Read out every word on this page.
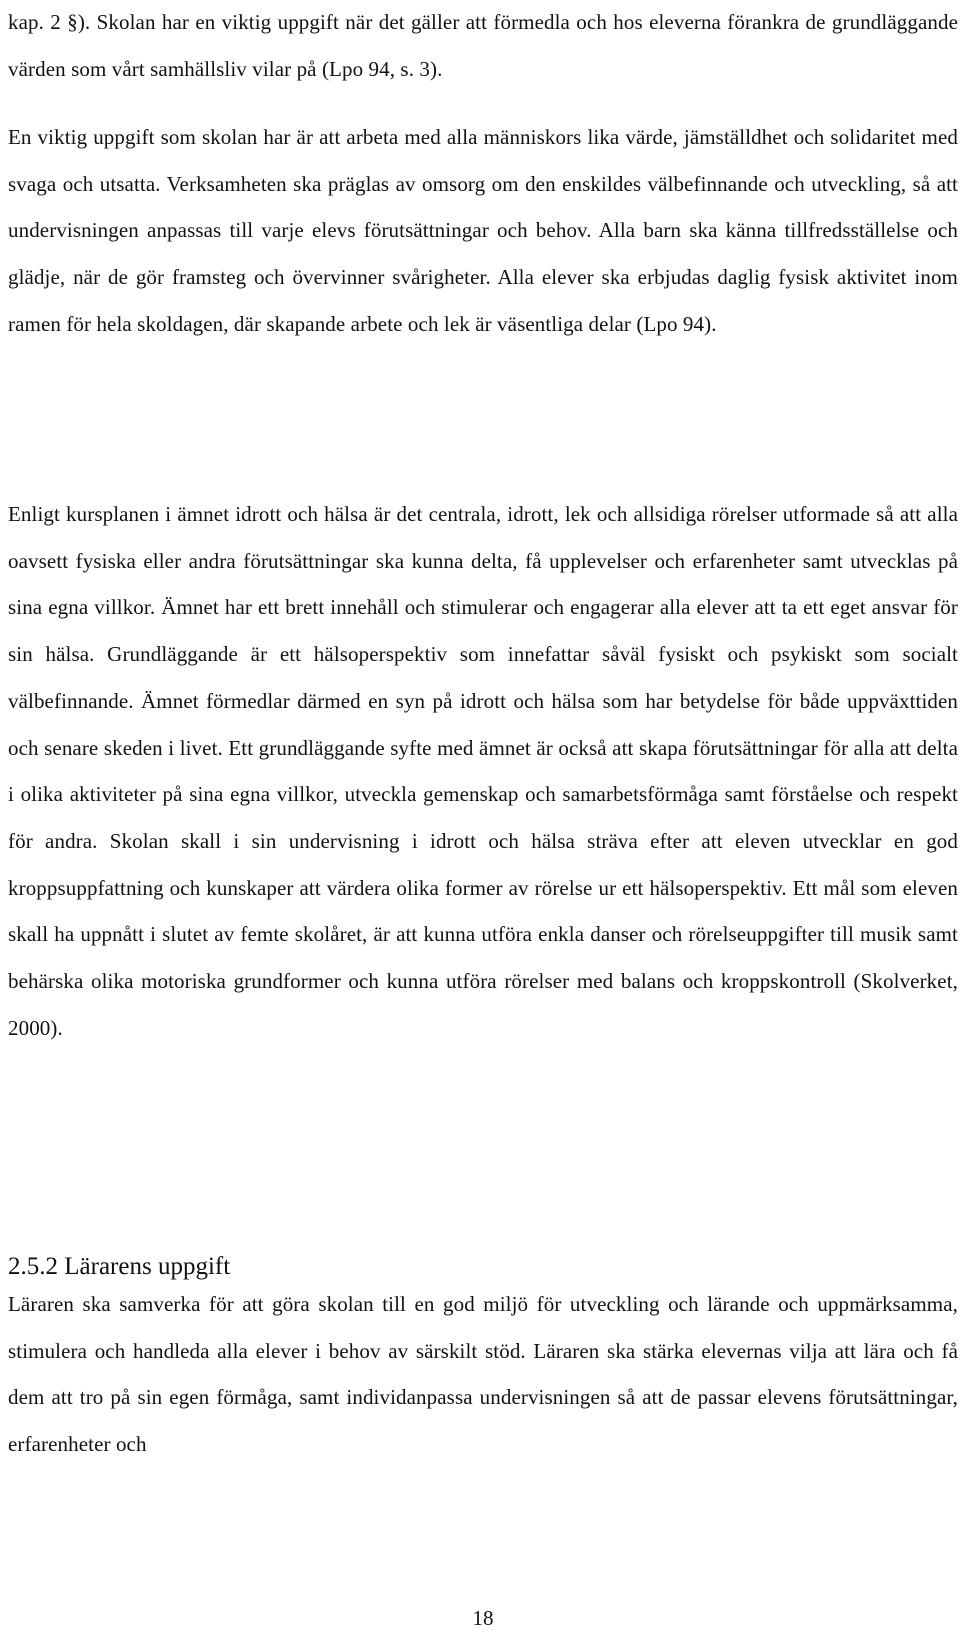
kap. 2 §). Skolan har en viktig uppgift när det gäller att förmedla och hos eleverna förankra de grundläggande värden som vårt samhällsliv vilar på (Lpo 94, s. 3).

En viktig uppgift som skolan har är att arbeta med alla människors lika värde, jämställdhet och solidaritet med svaga och utsatta. Verksamheten ska präglas av omsorg om den enskildes välbefinnande och utveckling, så att undervisningen anpassas till varje elevs förutsättningar och behov. Alla barn ska känna tillfredsställelse och glädje, när de gör framsteg och övervinner svårigheter. Alla elever ska erbjudas daglig fysisk aktivitet inom ramen för hela skoldagen, där skapande arbete och lek är väsentliga delar (Lpo 94).

Enligt kursplanen i ämnet idrott och hälsa är det centrala, idrott, lek och allsidiga rörelser utformade så att alla oavsett fysiska eller andra förutsättningar ska kunna delta, få upplevelser och erfarenheter samt utvecklas på sina egna villkor. Ämnet har ett brett innehåll och stimulerar och engagerar alla elever att ta ett eget ansvar för sin hälsa. Grundläggande är ett hälsoperspektiv som innefattar såväl fysiskt och psykiskt som socialt välbefinnande. Ämnet förmedlar därmed en syn på idrott och hälsa som har betydelse för både uppväxttiden och senare skeden i livet. Ett grundläggande syfte med ämnet är också att skapa förutsättningar för alla att delta i olika aktiviteter på sina egna villkor, utveckla gemenskap och samarbetsförmåga samt förståelse och respekt för andra. Skolan skall i sin undervisning i idrott och hälsa sträva efter att eleven utvecklar en god kroppsuppfattning och kunskaper att värdera olika former av rörelse ur ett hälsoperspektiv. Ett mål som eleven skall ha uppnått i slutet av femte skolåret, är att kunna utföra enkla danser och rörelseuppgifter till musik samt behärska olika motoriska grundformer och kunna utföra rörelser med balans och kroppskontroll (Skolverket, 2000).

2.5.2 Lärarens uppgift

Läraren ska samverka för att göra skolan till en god miljö för utveckling och lärande och uppmärksamma, stimulera och handleda alla elever i behov av särskilt stöd. Läraren ska stärka elevernas vilja att lära och få dem att tro på sin egen förmåga, samt individanpassa undervisningen så att de passar elevens förutsättningar, erfarenheter och

18
